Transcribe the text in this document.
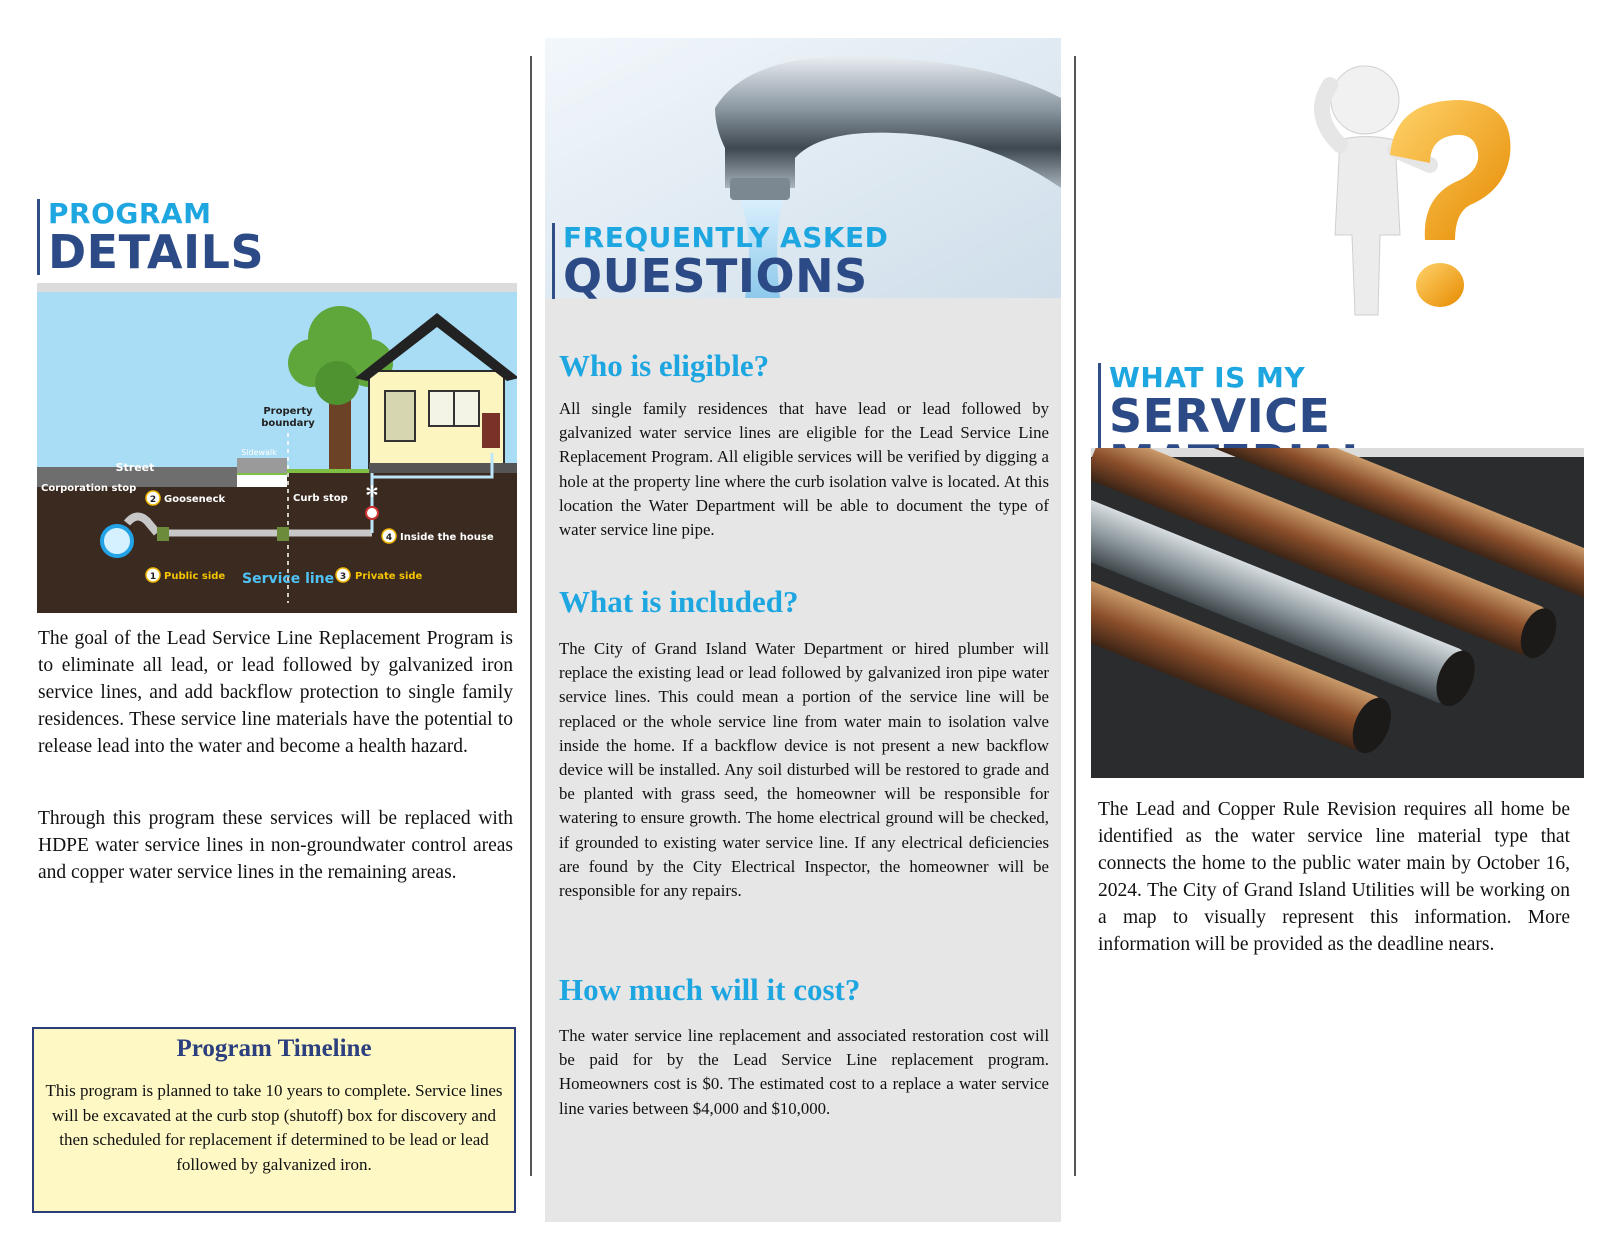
PROGRAM
DETAILS
Property
boundary
Street
Sidewalk
✻
Corporation stop
2 Gooseneck	Curb stop
4 Inside the house
1 Public side Service line 3 Private side

The goal of the Lead Service Line Replacement Program is to eliminate all lead, or lead followed by galvanized iron service lines, and add backflow protection to single family residences. These service line materials have the potential to release lead into the water and become a health hazard.

Through this program these services will be replaced with HDPE water service lines in non-groundwater control areas and copper water service lines in the remaining areas.

Program Timeline
This program is planned to take 10 years to complete. Service lines will be excavated at the curb stop (shutoff) box for discovery and then scheduled for replacement if determined to be lead or lead followed by galvanized iron.
FREQUENTLY ASKED
QUESTIONS
Who is eligible?

All single family residences that have lead or lead followed by galvanized water service lines are eligible for the Lead Service Line Replacement Program. All eligible services will be verified by digging a hole at the property line where the curb isolation valve is located. At this location the Water Department will be able to document the type of water service line pipe.

What is included?

The City of Grand Island Water Department or hired plumber will replace the existing lead or lead followed by galvanized iron pipe water service lines. This could mean a portion of the service line will be replaced or the whole service line from water main to isolation valve inside the home. If a backflow device is not present a new backflow device will be installed. Any soil disturbed will be restored to grade and be planted with grass seed, the homeowner will be responsible for watering to ensure growth. The home electrical ground will be checked, if grounded to existing water service line. If any electrical deficiencies are found by the City Electrical Inspector, the homeowner will be responsible for any repairs.

How much will it cost?

The water service line replacement and associated restoration cost will be paid for by the Lead Service Line replacement program. Homeowners cost is $0. The estimated cost to a replace a water service line varies between $4,000 and $10,000.

WHAT IS MY
SERVICE

The Lead and Copper Rule Revision requires all home be identified as the water service line material type that connects the home to the public water main by October 16, 2024. The City of Grand Island Utilities will be working on a map to visually represent this information. More information will be provided as the deadline nears.
